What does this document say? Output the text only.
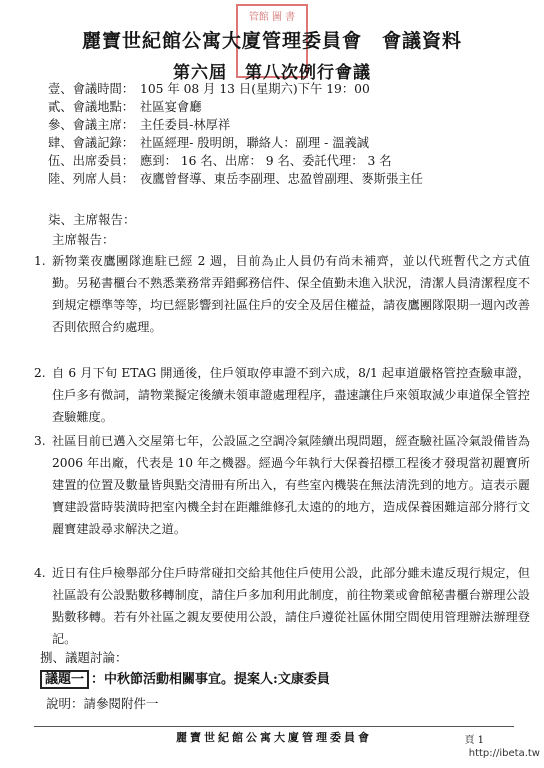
管館 圖 書
麗寶世紀館公寓大廈管理委員會　會議資料
第六屆　第八次例行會議
壹、會議時間： 105 年 08 月 13 日(星期六)下午 19：00
貳、會議地點： 社區宴會廳
參、會議主席： 主任委員-林厚祥
肆、會議記錄： 社區經理- 殷明朗，聯絡人：副理 - 溫義誠
伍、出席委員： 應到： 16 名、出席： 9 名、委託代理： 3 名
陸、列席人員： 夜鷹曾督導、東岳李副理、忠盈曾副理、麥斯張主任
柒、主席報告：
主席報告：
1. 新物業夜鷹團隊進駐已經 2 週，目前為止人員仍有尚未補齊，並以代班暫代之方式值勤。另秘書櫃台不熟悉業務常弄錯郵務信件、保全值勤未進入狀況，清潔人員清潔程度不到規定標準等等，均已經影響到社區住戶的安全及居住權益，請夜鷹團隊限期一週內改善否則依照合約處理。
2. 自 6 月下旬 ETAG 開通後，住戶領取停車證不到六成，8/1 起車道嚴格管控查驗車證，住戶多有微詞，請物業擬定後續未領車證處理程序，盡速讓住戶來領取減少車道保全管控查驗難度。
3. 社區目前已邁入交屋第七年，公設區之空調冷氣陸續出現問題，經查驗社區冷氣設備皆為 2006 年出廠，代表是 10 年之機器。經過今年執行大保養招標工程後才發現當初麗寶所建置的位置及數量皆與點交清冊有所出入，有些室內機裝在無法清洗到的地方。這表示麗寶建設當時裝潢時把室內機全封在距離維修孔太遠的的地方，造成保養困難這部分將行文麗寶建設尋求解決之道。
4. 近日有住戶檢舉部分住戶時常碰扣交給其他住戶使用公設，此部分雖未違反現行規定，但社區設有公設點數移轉制度，請住戶多加利用此制度，前往物業或會館秘書櫃台辦理公設點數移轉。若有外社區之親友要使用公設，請住戶遵從社區休閒空間使用管理辦法辦理登記。
捌、議題討論：
議題一 ：中秋節活動相關事宜。提案人:文康委員
說明：請參閱附件一
麗寶世紀館公寓大廈管理委員會	頁 1
http://ibeta.tw
